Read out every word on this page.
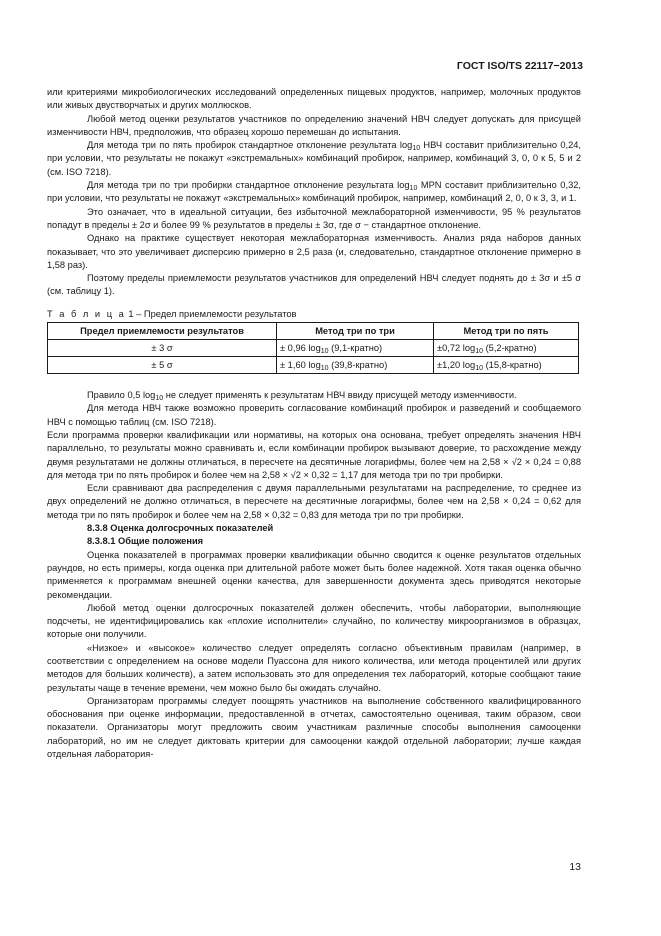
ГОСТ ISO/TS 22117−2013

или критериями микробиологических исследований определенных пищевых продуктов, например, молочных продуктов или живых двустворчатых и других моллюсков.

Любой метод оценки результатов участников по определению значений НВЧ следует допускать для присущей изменчивости НВЧ, предположив, что образец хорошо перемешан до испытания.

Для метода три по пять пробирок стандартное отклонение результата $\log_{10}$ НВЧ составит приблизительно 0,24, при условии, что результаты не покажут «экстремальных» комбинаций пробирок, например, комбинаций 3, 0, 0 к 5, 5 и 2 (см. ISO 7218).

Для метода три по три пробирки стандартное отклонение результата $\log_{10}$ MPN составит приблизительно 0,32, при условии, что результаты не покажут «экстремальных» комбинаций пробирок, например, комбинаций 2, 0, 0 к 3, 3, и 1.

Это означает, что в идеальной ситуации, без избыточной межлабораторной изменчивости, 95 % результатов попадут в пределы ± 2σ и более 99 % результатов в пределы ± 3σ, где σ − стандартное отклонение.

Однако на практике существует некоторая межлабораторная изменчивость. Анализ ряда наборов данных показывает, что это увеличивает дисперсию примерно в 2,5 раза (и, следовательно, стандартное отклонение примерно в 1,58 раз).

Поэтому пределы приемлемости результатов участников для определений НВЧ следует поднять до ± 3σ и ±5 σ (см. таблицу 1).

Т а б л и ц а 1 – Предел приемлемости результатов
Предел приемлемости результатов	Метод три по три	Метод три по пять
± 3 σ	± 0,96 $\log_{10}$ (9,1-кратно)	±0,72 $\log_{10}$ (5,2-кратно)
± 5 σ	± 1,60 $\log_{10}$ (39,8-кратно)	±1,20 $\log_{10}$ (15,8-кратно)

Правило 0,5 $\log_{10}$ не следует применять к результатам НВЧ ввиду присущей методу изменчивости.

Для метода НВЧ также возможно проверить согласование комбинаций пробирок и разведений и сообщаемого НВЧ с помощью таблиц (см. ISO 7218).

Если программа проверки квалификации или нормативы, на которых она основана, требует определять значения НВЧ параллельно, то результаты можно сравнивать и, если комбинации пробирок вызывают доверие, то расхождение между двумя результатами не должны отличаться, в пересчете на десятичные логарифмы, более чем на 2,58 × √2 × 0,24 = 0,88 для метода три по пять пробирок и более чем на 2,58 × √2 × 0,32 = 1,17 для метода три по три пробирки.

Если сравнивают два распределения с двумя параллельными результатами на распределение, то среднее из двух определений не должно отличаться, в пересчете на десятичные логарифмы, более чем на 2,58 × 0,24 = 0,62 для метода три по пять пробирок и более чем на 2,58 × 0,32 = 0,83 для метода три по три пробирки.

8.3.8 Оценка долгосрочных показателей

8.3.8.1 Общие положения

Оценка показателей в программах проверки квалификации обычно сводится к оценке результатов отдельных раундов, но есть примеры, когда оценка при длительной работе может быть более надежной. Хотя такая оценка обычно применяется к программам внешней оценки качества, для завершенности документа здесь приводятся некоторые рекомендации.

Любой метод оценки долгосрочных показателей должен обеспечить, чтобы лаборатории, выполняющие подсчеты, не идентифицировались как «плохие исполнители» случайно, по количеству микроорганизмов в образцах, которые они получили.

«Низкое» и «высокое» количество следует определять согласно объективным правилам (например, в соответствии с определением на основе модели Пуассона для никого количества, или метода процентилей или других методов для больших количеств), а затем использовать это для определения тех лабораторий, которые сообщают такие результаты чаще в течение времени, чем можно было бы ожидать случайно.

Организаторам программы следует поощрять участников на выполнение собственного квалифицированного обоснования при оценке информации, предоставленной в отчетах, самостоятельно оценивая, таким образом, свои показатели. Организаторы могут предложить своим участникам различные способы выполнения самооценки лабораторий, но им не следует диктовать критерии для самооценки каждой отдельной лаборатории; лучше каждая отдельная лаборатория-

13
